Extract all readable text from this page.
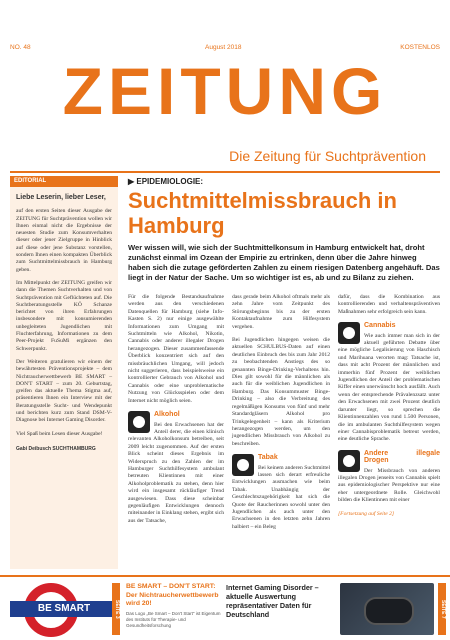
NO. 48	August 2018	KOSTENLOS
ZEITUNG
Die Zeitung für Suchtprävention
EDITORIAL
Liebe Leserin, lieber Leser,

auf den ersten Seiten dieser Ausgabe der ZEITUNG für Suchtprävention wollen wir Ihnen einmal nicht die Ergebnisse der neuesten Studie zum Konsumverhalten dieser oder jener Zielgruppe in Hinblick auf diese oder jene Substanz vorstellen, sondern Ihnen einen kompakten Überblick zum Suchtmittelmissbrauch in Hamburg geben.

Im Mittelpunkt der ZEITUNG greifen wir dann die Themen Suchtverhalten und von Suchtprävention mit Geflüchteten auf. Die Suchtberatungsstelle KÖ Schanze berichtet von ihren Erfahrungen insbesondere mit konsumierenden unbegleiteten Jugendlichen mit Fluchterfahrung, Informationen zu dem Peer-Projekt FuSuMi ergänzen den Schwerpunkt.

Der Weiteren gratulieren wir einem der bewährtesten Präventionsprojekte – dem Nichtraucherwettbewerb BE SMART – DON'T START – zum 20. Geburtstag, greifen das aktuelle Thema Stigma auf, präsentieren Ihnen ein Interview mit der Beratungsstelle Sucht- und Wendepunkt und berichten kurz zum Stand DSM-V-Diagnose bei Internet Gaming Disorder.

Viel Spaß beim Lesen dieser Ausgabe!

Gabi Deibusch SUCHTHAMBURG
▶ EPIDEMIOLOGIE:
Suchtmittelmissbrauch in Hamburg
Wer wissen will, wie sich der Suchtmittelkonsum in Hamburg entwickelt hat, droht zunächst einmal im Ozean der Empirie zu ertrinken, denn über die Jahre hinweg haben sich die zutage geförderten Zahlen zu einem riesigen Datenberg angehäuft. Das liegt in der Natur der Sache. Um so wichtiger ist es, ab und zu Bilanz zu ziehen.

Für die folgende Bestandsaufnahme werden aus den verschiedenen Datenquellen für Hamburg (siehe Info-Kasten S. 2) nur einige ausgewählte Informationen zum Umgang mit Suchtmitteln wie Alkohol, Nikotin, Cannabis oder anderer illegaler Drogen herangezogen. Dieser zusammenfassende Überblick konzentriert sich auf den missbräuchlichen Umgang, will jedoch nicht suggerieren, dass beispielsweise ein kontrollierter Gebrauch von Alkohol und Cannabis oder eine unproblematische Nutzung von Glücksspielen oder dem Internet nicht möglich seien.

Alkohol

Bei den Erwachsenen hat der Anteil derer, die einen klinisch relevanten Alkoholkonsum betreiben, seit 2009 leicht zugenommen. Auf der ersten Blick scheint dieses Ergebnis im Widerspruch zu den Zahlen der im Hamburger Suchthilfesystem ambulant betreuten Klientinnen mit einer Alkoholproblematik zu stehen, denn hier wird ein insgesamt rückläufiger Trend ausgewiesen. Dass diese scheinbar gegenläufigen Entwicklungen dennoch miteinander in Einklang stehen, ergibt sich aus der Tatsache,

dass gerade beim Alkohol oftmals mehr als zehn Jahre vom Zeitpunkt des Störungsbeginns bis zu der ersten Kontaktaufnahme zum Hilfesystem vergehen.

Bei Jugendlichen hingegen weisen die aktuellen SCHULBUS-Daten auf einen deutlichen Einbruch des bis zum Jahr 2012 zu beobachtenden Anstiegs des so genannten Binge-Drinking-Verhaltens hin. Dies gilt sowohl für die männlichen als auch für die weiblichen Jugendlichen in Hamburg. Das Konsummuster Binge-Drinking – also die Verbreitung des regelmäßigen Konsums von fünf und mehr Standardgläsern Alkohol pro Trinkgelegenheit – kann als Kriterium herangezogen werden, um den jugendlichen Missbrauch von Alkohol zu beschreiben.

Tabak

Bei keinem anderen Suchtmittel lassen sich derart erfreuliche Entwicklungen ausmachen wie beim Tabak. Unabhängig der Geschlechtszugehörigkeit hat sich die Quote der Raucherinnen sowohl unter den Jugendlichen als auch unter den Erwachsenen in den letzten zehn Jahren halbiert – ein Beleg

dafür, dass die Kombination aus kontrollierenden und verhaltenspräventiven Maßnahmen sehr erfolgreich sein kann.

Cannabis

Wie auch immer man sich in der aktuell geführten Debatte über eine mögliche Legalisierung von Haschisch und Marihuana verorten mag: Tatsache ist, dass mit acht Prozent der männlichen und immerhin fünf Prozent der weiblichen Jugendlichen der Anteil der problematischen Kiffer einen unerwünscht hoch ausfällt. Auch wenn der entsprechende Prävalenzsatz unter den Erwachsenen mit zwei Prozent deutlich darunter liegt, so sprechen die Klientinnenzahlen von rund 1.500 Personen, die im ambulanten Suchthilfesystem wegen einer Cannabisproblematik betreut werden, eine deutliche Sprache.

Andere illegale Drogen

Der Missbrauch von anderen illegalen Drogen jenseits von Cannabis spielt aus epidemiologischer Perspektive nur eine eher untergeordnete Rolle. Gleichwohl bilden die Klientinnen mit einer

[Fortsetzung auf Seite 2]

BE SMART	SEITE 3
BE SMART – DON'T START: Der Nichtraucherwettbewerb wird 20!
Das Logo „Be Smart – Don't Start" ist Eigentum des Instituts für Therapie- und Gesundheitsforschung
Internet Gaming Disorder – aktuelle Auswertung repräsentativer Daten für Deutschland	SEITE 7
